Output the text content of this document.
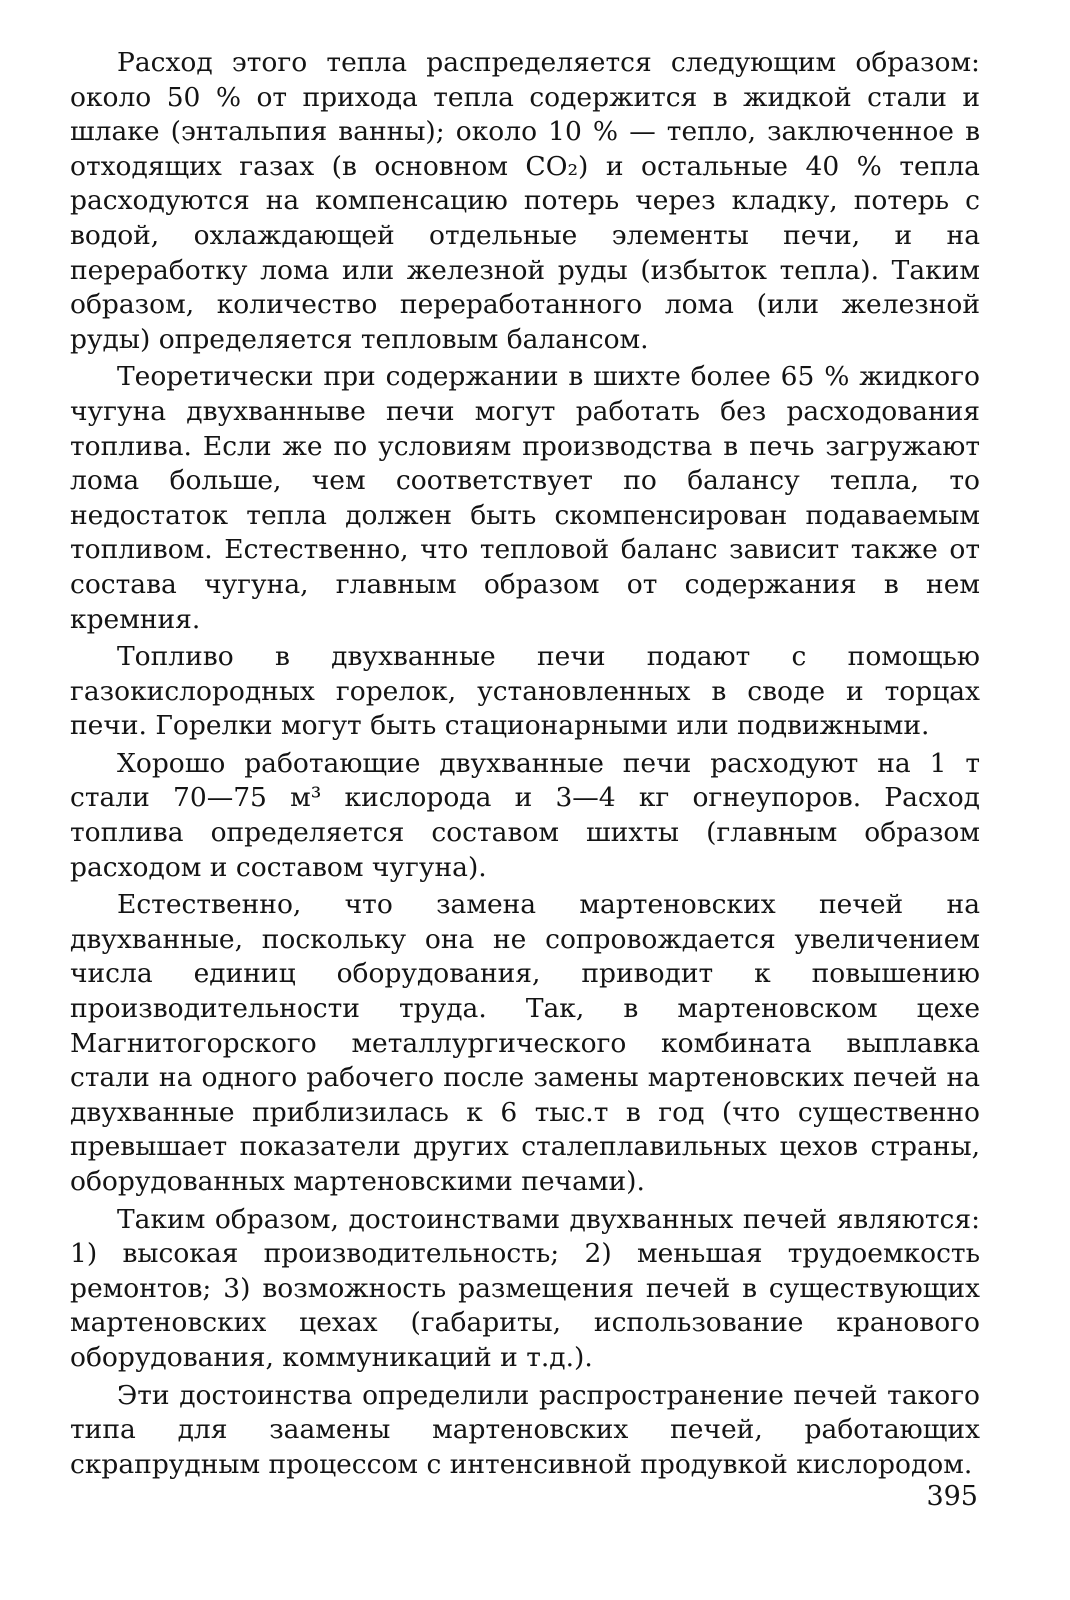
Расход этого тепла распределяется следующим образом: около 50 % от прихода тепла содержится в жидкой стали и шлаке (энтальпия ванны); около 10 % — тепло, заключенное в отходящих газах (в основном CO₂) и остальные 40 % тепла расходуются на компенсацию потерь через кладку, потерь с водой, охлаждающей отдельные элементы печи, и на переработку лома или железной руды (избыток тепла). Таким образом, количество переработанного лома (или железной руды) определяется тепловым балансом.

Теоретически при содержании в шихте более 65 % жидкого чугуна двухванныве печи могут работать без расходования топлива. Если же по условиям производства в печь загружают лома больше, чем соответствует по балансу тепла, то недостаток тепла должен быть скомпенсирован подаваемым топливом. Естественно, что тепловой баланс зависит также от состава чугуна, главным образом от содержания в нем кремния.

Топливо в двухванные печи подают с помощью газокислородных горелок, установленных в своде и торцах печи. Горелки могут быть стационарными или подвижными.

Хорошо работающие двухванные печи расходуют на 1 т стали 70—75 м³ кислорода и 3—4 кг огнеупоров. Расход топлива определяется составом шихты (главным образом расходом и составом чугуна).

Естественно, что замена мартеновских печей на двухванные, поскольку она не сопровождается увеличением числа единиц оборудования, приводит к повышению производительности труда. Так, в мартеновском цехе Магнитогорского металлургического комбината выплавка стали на одного рабочего после замены мартеновских печей на двухванные приблизилась к 6 тыс.т в год (что существенно превышает показатели других сталеплавильных цехов страны, оборудованных мартеновскими печами).

Таким образом, достоинствами двухванных печей являются: 1) высокая производительность; 2) меньшая трудоемкость ремонтов; 3) возможность размещения печей в существующих мартеновских цехах (габариты, использование кранового оборудования, коммуникаций и т.д.).

Эти достоинства определили распространение печей такого типа для заамены мартеновских печей, работающих скрапрудным процессом с интенсивной продувкой кислородом.

395
